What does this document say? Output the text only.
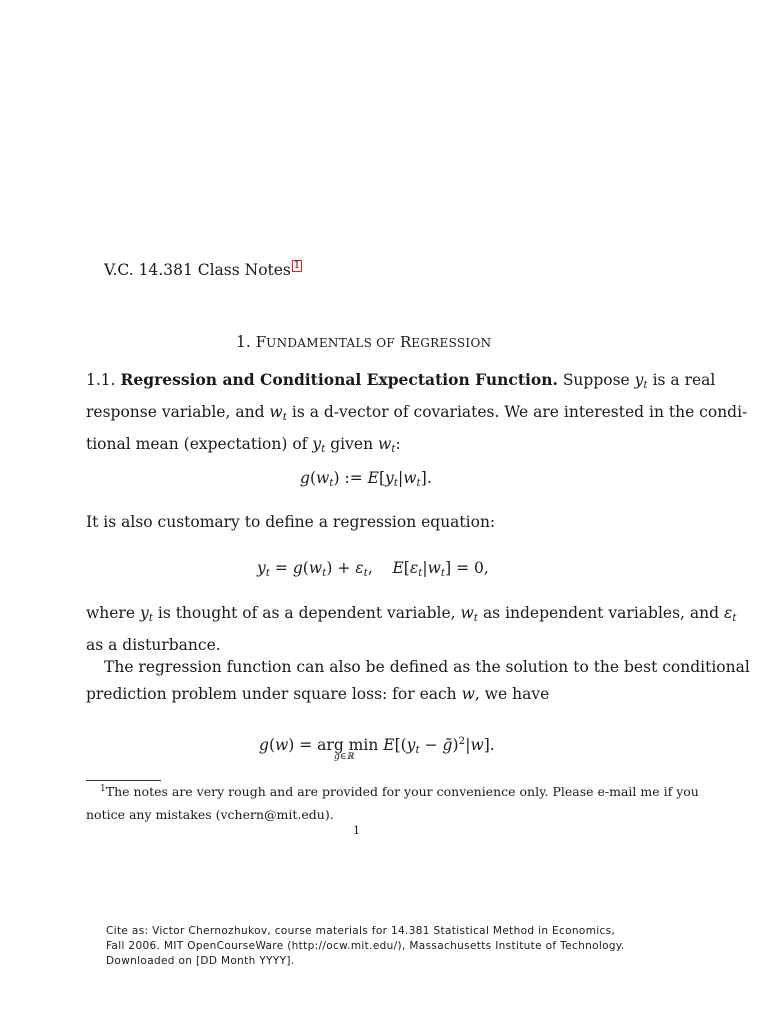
V.C. 14.381 Class Notes 1
1. FUNDAMENTALS OF REGRESSION
1.1. Regression and Conditional Expectation Function. Suppose $y_t$ is a real
response variable, and $w_t$ is a d-vector of covariates. We are interested in the condi-
tional mean (expectation) of $y_t$ given $w_t$:
$g(w_t)$ := $E[y_t|w_t]$.
It is also customary to define a regression equation:
$y_t = g(w_t) + \varepsilon_t$,    $E[\varepsilon_t|w_t] = 0$,
where $y_t$ is thought of as a dependent variable, $w_t$ as independent variables, and $\varepsilon_t$
as a disturbance.
The regression function can also be defined as the solution to the best conditional
prediction problem under square loss: for each w, we have
g(w) = arg $\min E[(y_t$ − g̃)$^2$|w].
g∈ℝ
$^1$The notes are very rough and are provided for your convenience only. Please e-mail me if you
notice any mistakes (vchern@mit.edu).
1
Cite as: Victor Chernozhukov, course materials for 14.381 Statistical Method in Economics,
Fall 2006. MIT OpenCourseWare (http://ocw.mit.edu/), Massachusetts Institute of Technology.
Downloaded on [DD Month YYYY].
